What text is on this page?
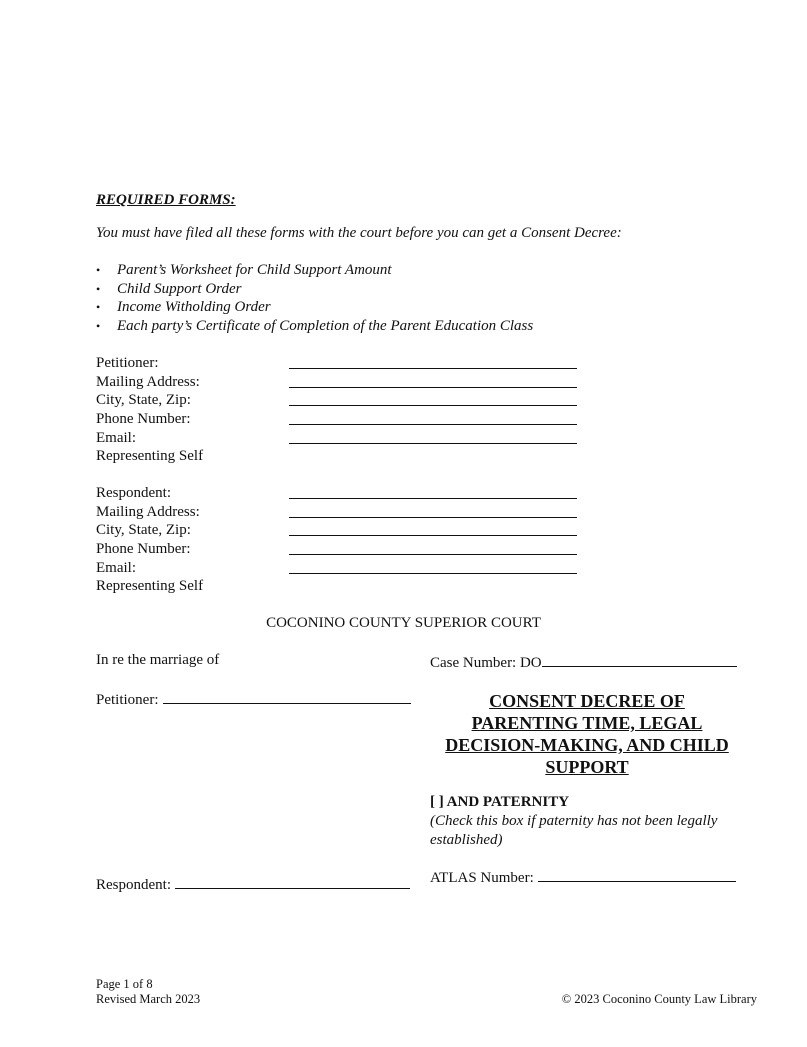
REQUIRED FORMS:
You must have filed all these forms with the court before you can get a Consent Decree:
• Parent’s Worksheet for Child Support Amount
• Child Support Order
• Income Witholding Order
• Each party’s Certificate of Completion of the Parent Education Class
Petitioner:
Mailing Address:
City, State, Zip:
Phone Number:
Email:
Representing Self
Respondent:
Mailing Address:
City, State, Zip:
Phone Number:
Email:
Representing Self
COCONINO COUNTY SUPERIOR COURT
In re the marriage of	Case Number: DO
Petitioner:	CONSENT DECREE OF
PARENTING TIME, LEGAL
DECISION-MAKING, AND CHILD
SUPPORT
[ ] AND PATERNITY
(Check this box if paternity has not been legally established)
ATLAS Number:
Respondent:
Page 1 of 8
Revised March 2023	© 2023 Coconino County Law Library
